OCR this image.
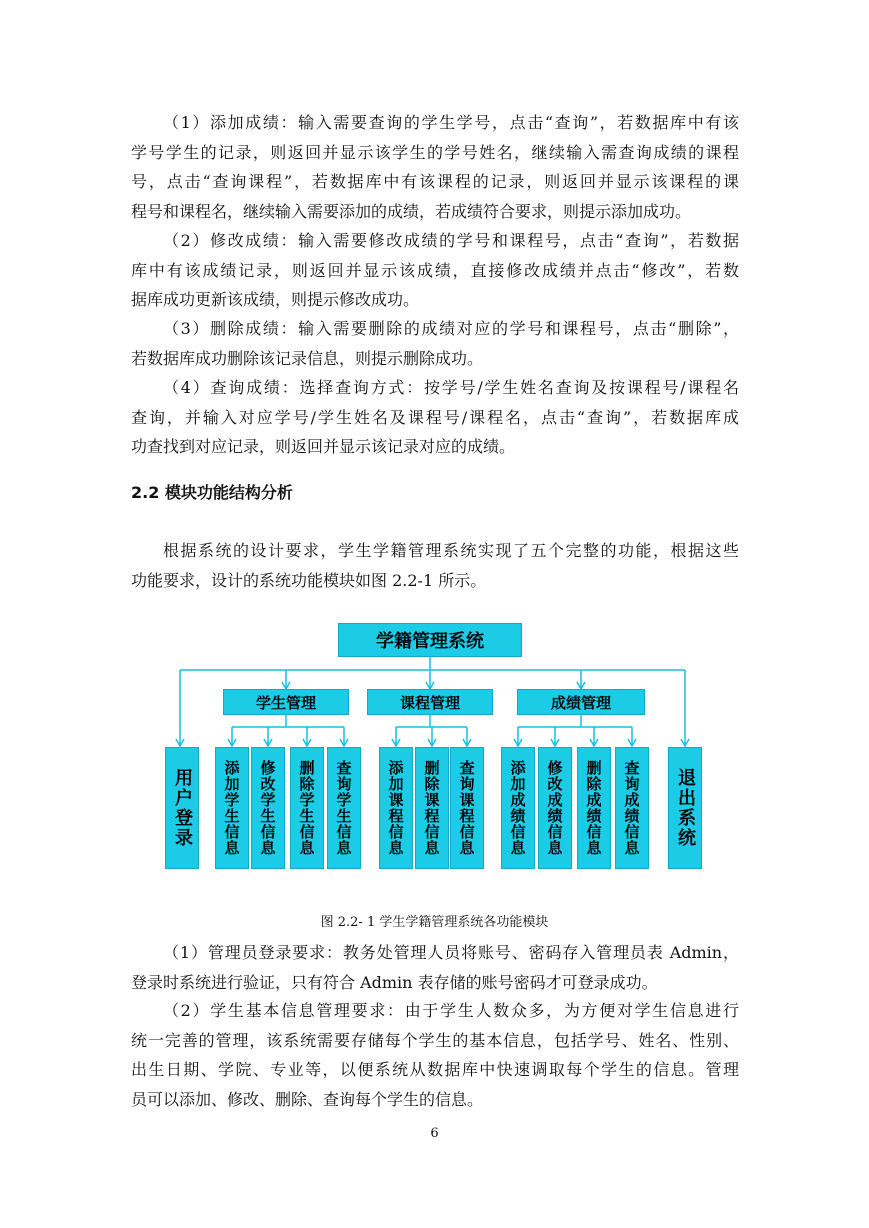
（1）添加成绩：输入需要查询的学生学号，点击“查询”，若数据库中有该
学号学生的记录，则返回并显示该学生的学号姓名，继续输入需查询成绩的课程
号，点击“查询课程”，若数据库中有该课程的记录，则返回并显示该课程的课
程号和课程名，继续输入需要添加的成绩，若成绩符合要求，则提示添加成功。
（2）修改成绩：输入需要修改成绩的学号和课程号，点击“查询”，若数据
库中有该成绩记录，则返回并显示该成绩，直接修改成绩并点击“修改”，若数
据库成功更新该成绩，则提示修改成功。
（3）删除成绩：输入需要删除的成绩对应的学号和课程号，点击“删除”，
若数据库成功删除该记录信息，则提示删除成功。
（4）查询成绩：选择查询方式：按学号/学生姓名查询及按课程号/课程名
查询，并输入对应学号/学生姓名及课程号/课程名，点击“查询”，若数据库成
功查找到对应记录，则返回并显示该记录对应的成绩。
2.2 模块功能结构分析
根据系统的设计要求，学生学籍管理系统实现了五个完整的功能，根据这些
功能要求，设计的系统功能模块如图 2.2-1 所示。
学籍管理系统
用户登录	退出系统
学生管理
添加学生信息	修改学生信息	删除学生信息	查询学生信息
课程管理
添加课程信息	删除课程信息	查询课程信息
成绩管理
添加成绩信息	修改成绩信息	删除成绩信息	查询成绩信息

图 2.2- 1 学生学籍管理系统各功能模块

（1）管理员登录要求：教务处管理人员将账号、密码存入管理员表 Admin，
登录时系统进行验证，只有符合 Admin 表存储的账号密码才可登录成功。
（2）学生基本信息管理要求：由于学生人数众多，为方便对学生信息进行
统一完善的管理，该系统需要存储每个学生的基本信息，包括学号、姓名、性别、
出生日期、学院、专业等，以便系统从数据库中快速调取每个学生的信息。管理
员可以添加、修改、删除、查询每个学生的信息。

6
